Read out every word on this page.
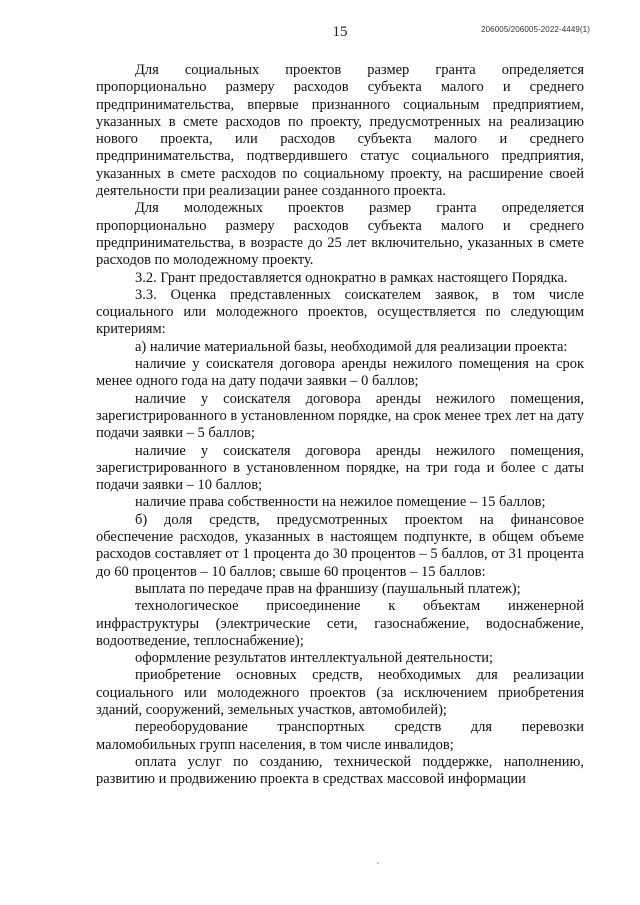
15	206005/206005-2022-4449(1)

Для социальных проектов размер гранта определяется пропорционально размеру расходов субъекта малого и среднего предпринимательства, впервые признанного социальным предприятием, указанных в смете расходов по проекту, предусмотренных на реализацию нового проекта, или расходов субъекта малого и среднего предпринимательства, подтвердившего статус социального предприятия, указанных в смете расходов по социальному проекту, на расширение своей деятельности при реализации ранее созданного проекта.

Для молодежных проектов размер гранта определяется пропорционально размеру расходов субъекта малого и среднего предпринимательства, в возрасте до 25 лет включительно, указанных в смете расходов по молодежному проекту.

3.2. Грант предоставляется однократно в рамках настоящего Порядка.

3.3. Оценка представленных соискателем заявок, в том числе социального или молодежного проектов, осуществляется по следующим критериям:

а) наличие материальной базы, необходимой для реализации проекта:

наличие у соискателя договора аренды нежилого помещения на срок менее одного года на дату подачи заявки – 0 баллов;

наличие у соискателя договора аренды нежилого помещения, зарегистрированного в установленном порядке, на срок менее трех лет на дату подачи заявки – 5 баллов;

наличие у соискателя договора аренды нежилого помещения, зарегистрированного в установленном порядке, на три года и более с даты подачи заявки – 10 баллов;

наличие права собственности на нежилое помещение – 15 баллов;

б) доля средств, предусмотренных проектом на финансовое обеспечение расходов, указанных в настоящем подпункте, в общем объеме расходов составляет от 1 процента до 30 процентов – 5 баллов, от 31 процента до 60 процентов – 10 баллов; свыше 60 процентов – 15 баллов:

выплата по передаче прав на франшизу (паушальный платеж);

технологическое присоединение к объектам инженерной инфраструктуры (электрические сети, газоснабжение, водоснабжение, водоотведение, теплоснабжение);

оформление результатов интеллектуальной деятельности;

приобретение основных средств, необходимых для реализации социального или молодежного проектов (за исключением приобретения зданий, сооружений, земельных участков, автомобилей);

переоборудование транспортных средств для перевозки маломобильных групп населения, в том числе инвалидов;

оплата услуг по созданию, технической поддержке, наполнению, развитию и продвижению проекта в средствах массовой информации
